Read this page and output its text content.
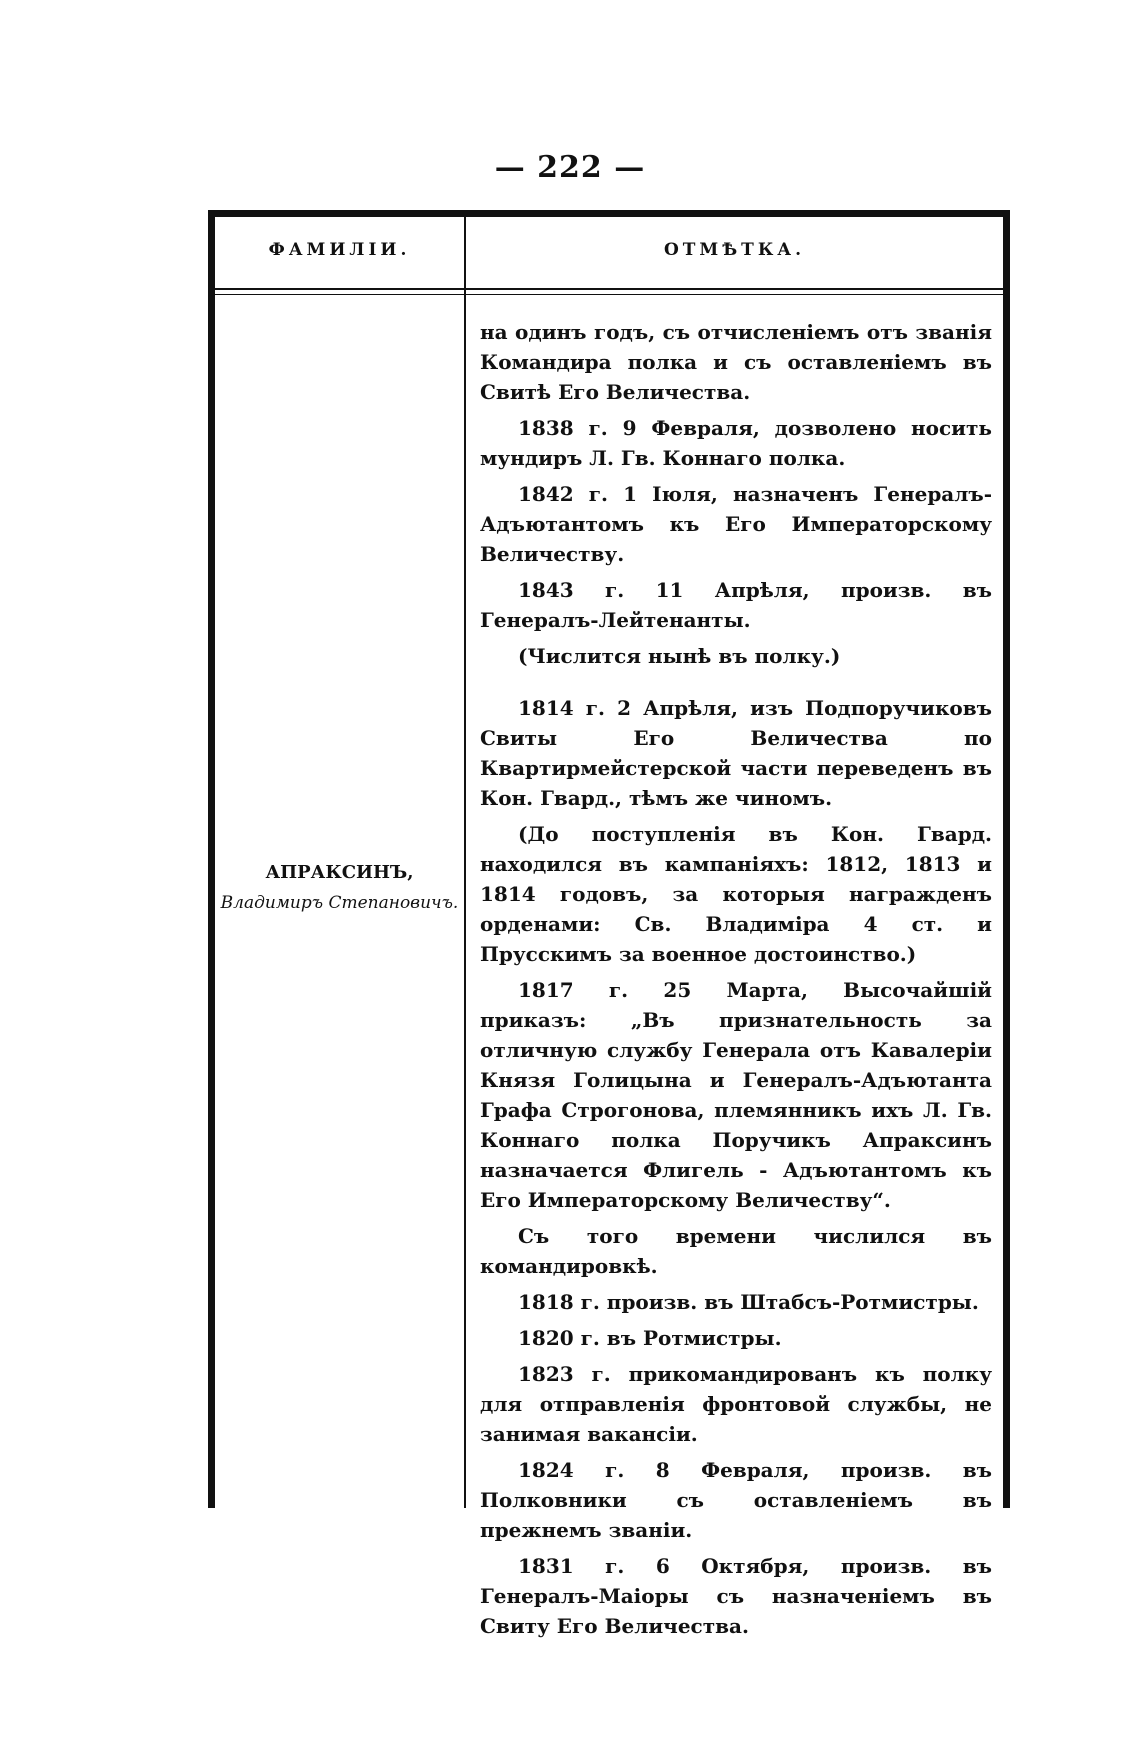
— 222 —
ФАМИЛІИ.	ОТМѢТКА.
АПРАКСИНЪ,
Владимиръ Степановичъ.

на одинъ годъ, съ отчисленіемъ отъ званія Командира полка и съ оставленіемъ въ Свитѣ Его Величества.

1838 г. 9 Февраля, дозволено носить мундиръ Л. Гв. Коннаго полка.

1842 г. 1 Іюля, назначенъ Генералъ-Адъютантомъ къ Его Императорскому Величеству.

1843 г. 11 Апрѣля, произв. въ Генералъ-Лейтенанты.

(Числится нынѣ въ полку.)

1814 г. 2 Апрѣля, изъ Подпоручиковъ Свиты Его Величества по Квартирмейстерской части переведенъ въ Кон. Гвард., тѣмъ же чиномъ.

(До поступленія въ Кон. Гвард. находился въ кампаніяхъ: 1812, 1813 и 1814 годовъ, за которыя награжденъ орденами: Св. Владиміра 4 ст. и Прусскимъ за военное достоинство.)

1817 г. 25 Марта, Высочайшій приказъ: „Въ признательность за отличную службу Генерала отъ Кавалеріи Князя Голицына и Генералъ-Адъютанта Графа Строгонова, племянникъ ихъ Л. Гв. Коннаго полка Поручикъ Апраксинъ назначается Флигель - Адъютантомъ къ Его Императорскому Величеству“.

Съ того времени числился въ командировкѣ.

1818 г. произв. въ Штабсъ-Ротмистры.

1820 г. въ Ротмистры.

1823 г. прикомандированъ къ полку для отправленія фронтовой службы, не занимая вакансіи.

1824 г. 8 Февраля, произв. въ Полковники съ оставленіемъ въ прежнемъ званіи.

1831 г. 6 Октября, произв. въ Генералъ-Маіоры съ назначеніемъ въ Свиту Его Величества.
